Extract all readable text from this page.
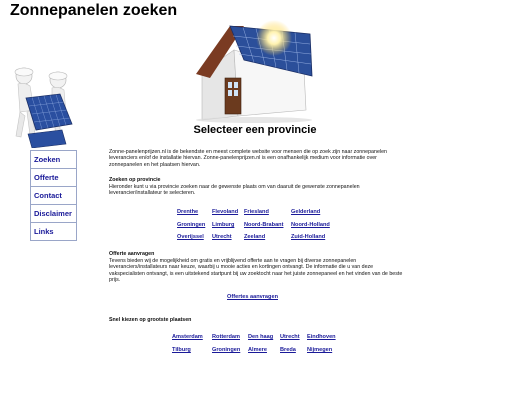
Zonnepanelen zoeken
Zoeken
Offerte
Contact
Disclaimer
Links
Selecteer een provincie
Zonne-panelenprijzen.nl is de bekendste en meest complete website voor mensen die op zoek zijn naar zonnepanelen leveranciers en/of de installatie hiervan. Zonne-panelenprijzen.nl is een onafhankelijk medium voor informatie over zonnepanelen en het plaatsen hiervan.
Zoeken op provincie
Hieronder kunt u via provincie zoeken naar de gewenste plaats om van daaruit de gewenste zonnepanelen leverancier/installateur te selecteren.
Drenthe Flevoland Friesland	Gelderland
Groningen Limburg Noord-Brabant Noord-Holland
Overijssel Utrecht Zeeland	Zuid-Holland
Offerte aanvragen
Tevens bieden wij de mogelijkheid om gratis en vrijblijvend offerte aan te vragen bij diverse zonnepanelen leveranciers/installateurs naar keuze, waarbij u mooie acties en kortingen ontvangt. De informatie die u van deze vakspecialisten ontvangt, is een uitstekend startpunt bij uw zoektocht naar het juiste zonnepaneel en het vinden van de beste prijs.
Offertes aanvragen
Snel kiezen op grootste plaatsen
Amsterdam Rotterdam Den haag Utrecht Eindhoven
Tilburg	Groningen Almere Breda Nijmegen
